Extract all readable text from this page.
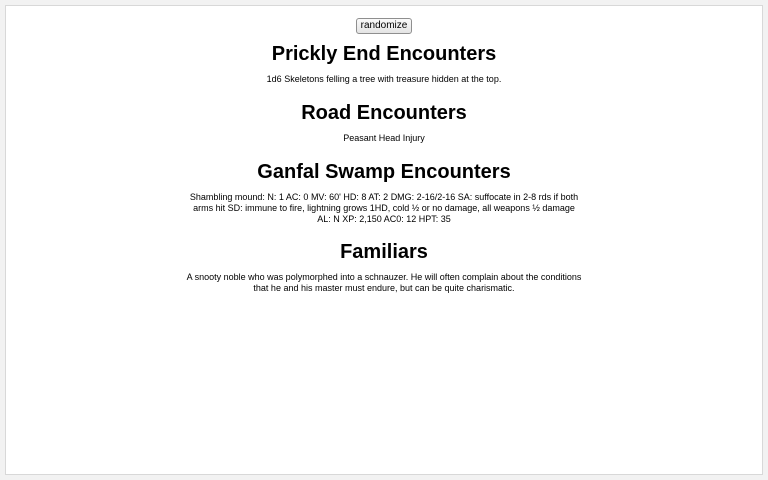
randomize
Prickly End Encounters

1d6 Skeletons felling a tree with treasure hidden at the top.

Road Encounters

Peasant Head Injury

Ganfal Swamp Encounters

Shambling mound: N: 1 AC: 0 MV: 60' HD: 8 AT: 2 DMG: 2-16/2-16 SA: suffocate in 2-8 rds if both arms hit SD: immune to fire, lightning grows 1HD, cold ½ or no damage, all weapons ½ damage AL: N XP: 2,150 AC0: 12 HPT: 35

Familiars

A snooty noble who was polymorphed into a schnauzer. He will often complain about the conditions that he and his master must endure, but can be quite charismatic.
